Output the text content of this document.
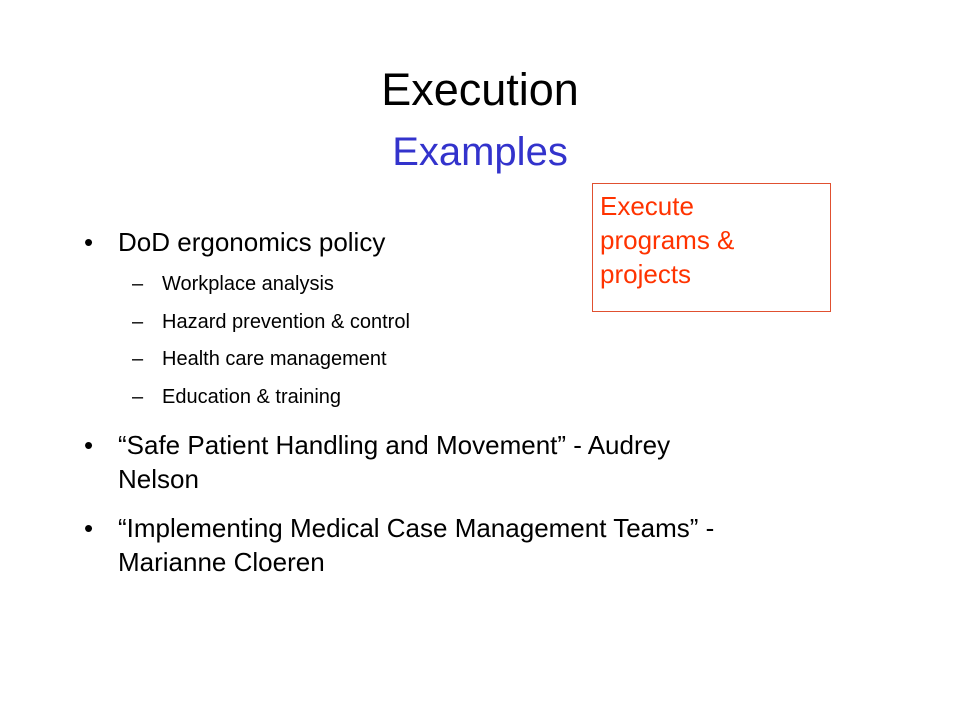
Execution
Examples
Execute
programs &
projects
• DoD ergonomics policy
– Workplace analysis
– Hazard prevention & control
– Health care management
– Education & training
• “Safe Patient Handling and Movement” - Audrey
Nelson
• “Implementing Medical Case Management Teams” -
Marianne Cloeren
